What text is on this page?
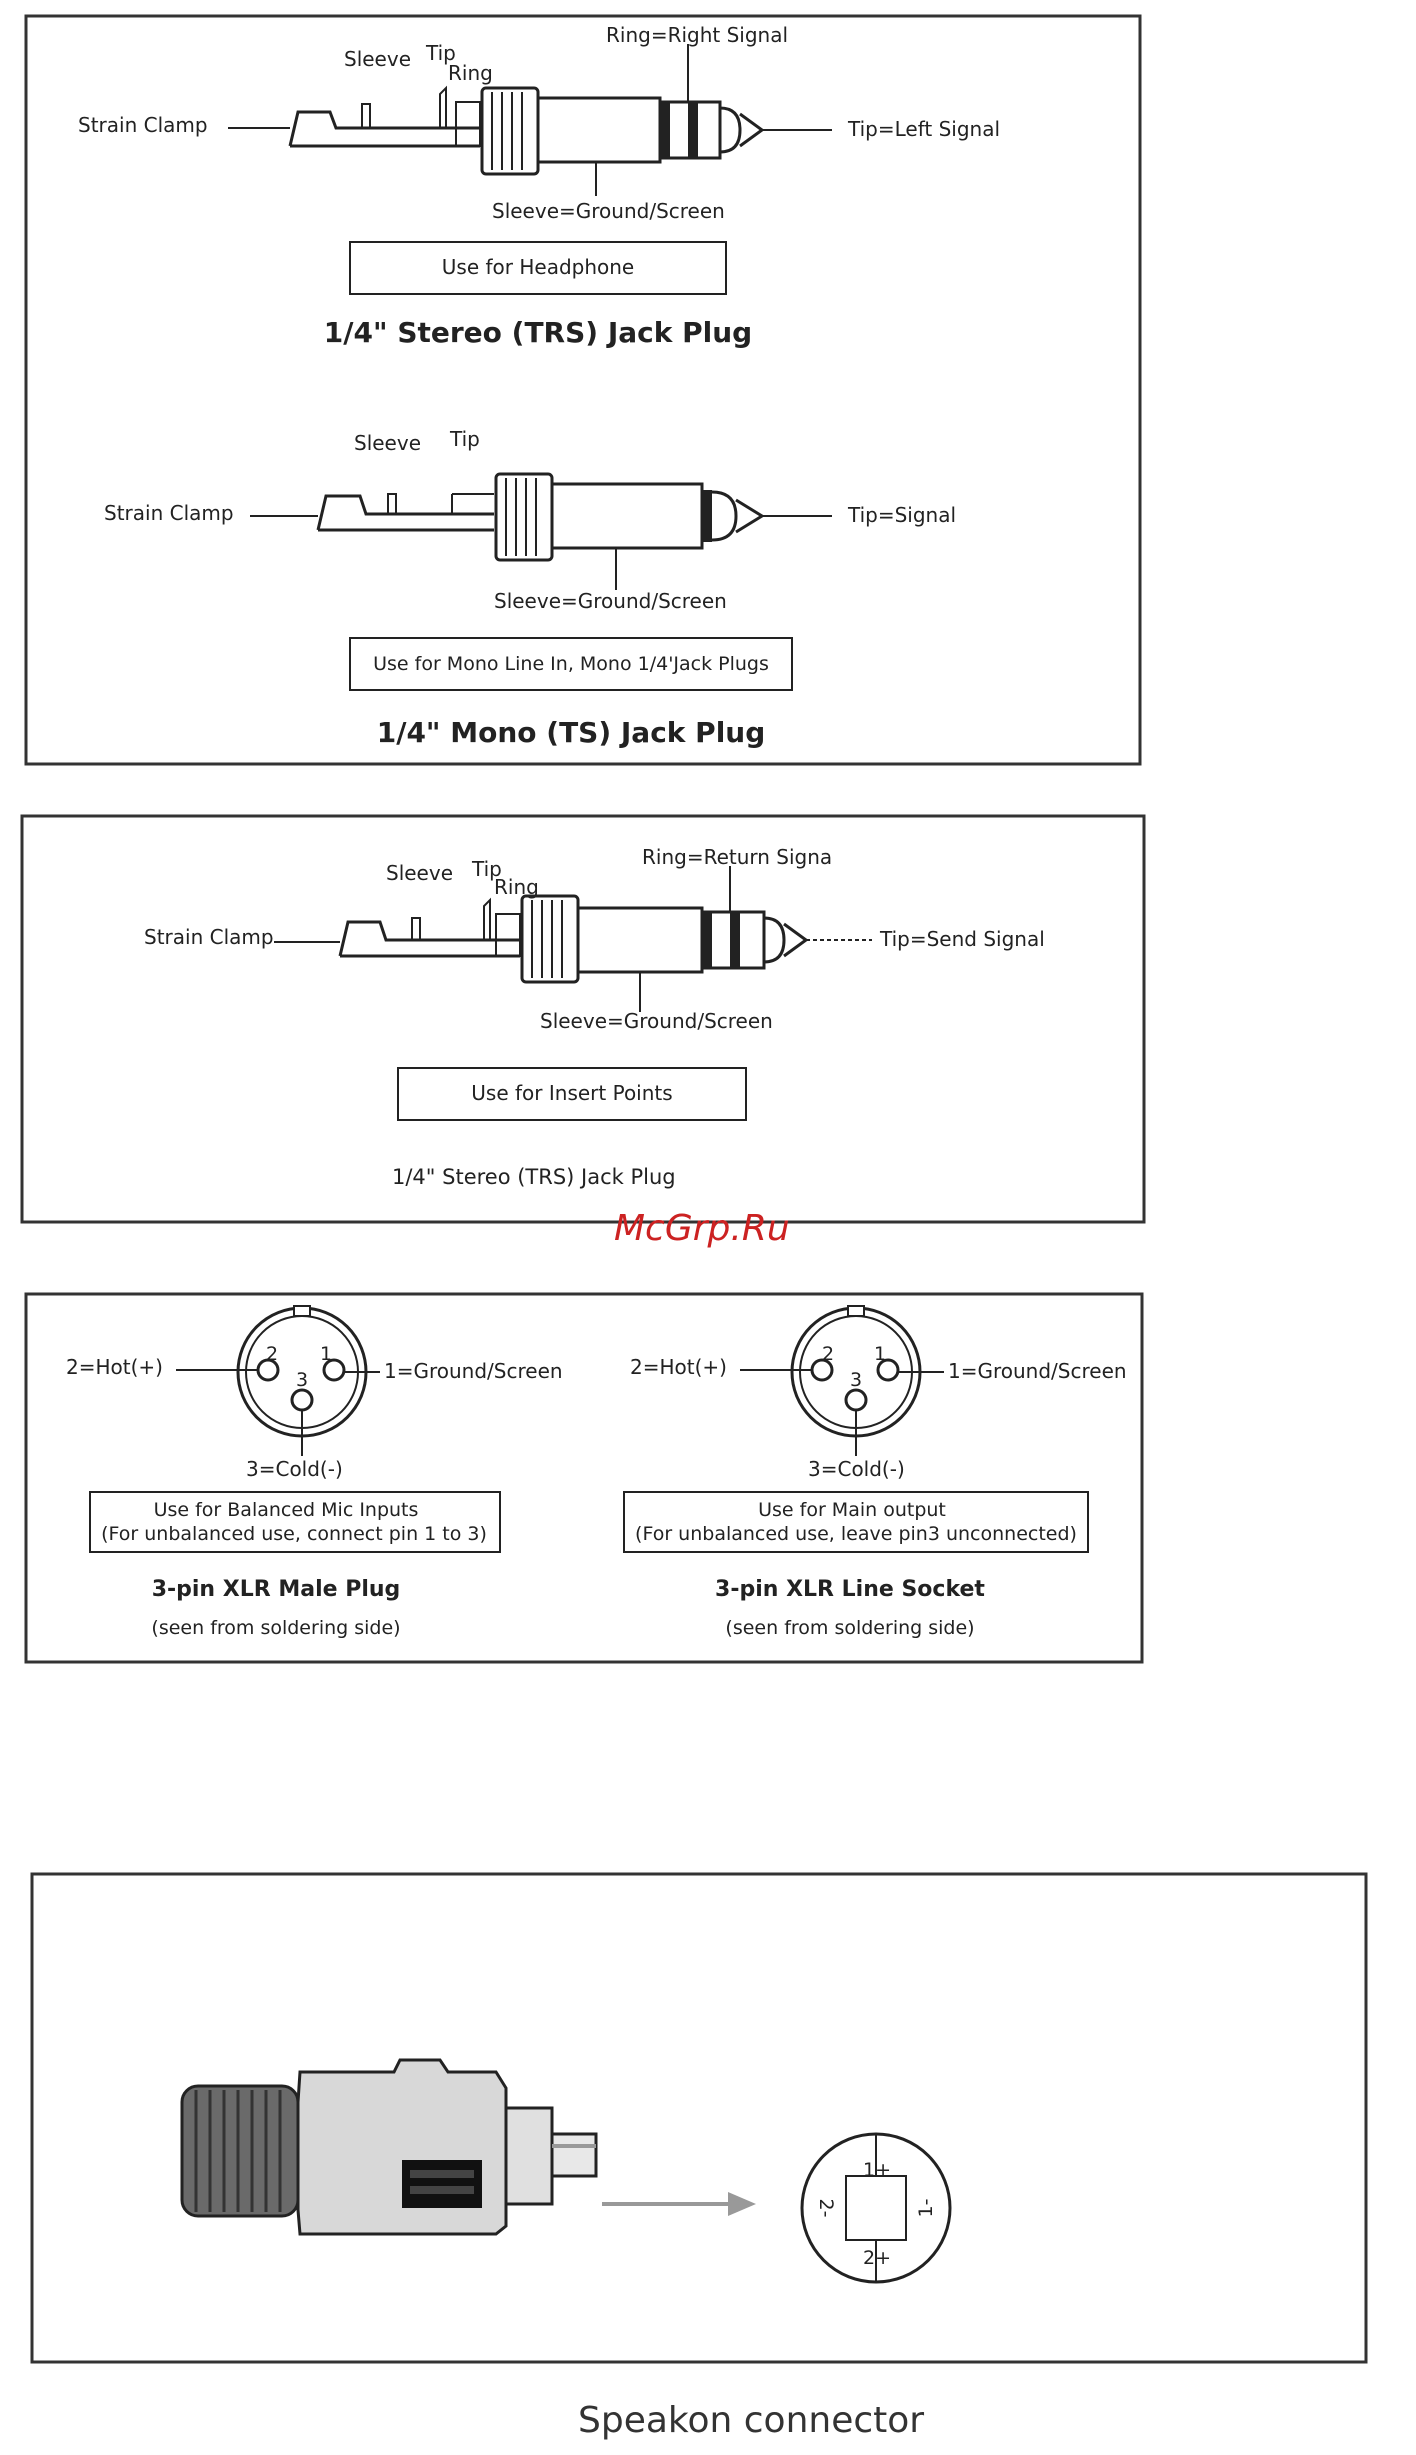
Sleeve Tip
Ring
Ring=Right Signal
Strain Clamp	Tip=Left Signal
Sleeve=Ground/Screen
Use for Headphone
1/4" Stereo (TRS) Jack Plug
Sleeve Tip
Strain Clamp	Tip=Signal
Sleeve=Ground/Screen
Use for Mono Line In, Mono 1/4'Jack Plugs
1/4" Mono (TS) Jack Plug
Sleeve Tip
Ring
Ring=Return Signa
Strain Clamp	Tip=Send Signal
Sleeve=Ground/Screen
Use for Insert Points
1/4" Stereo (TRS) Jack Plug
McGrp.Ru
2 1
3
2=Hot(+)	1=Ground/Screen
3=Cold(-)
Use for Balanced Mic Inputs
(For unbalanced use, connect pin 1 to 3)
3-pin XLR Male Plug
(seen from soldering side)
2 1
3
2=Hot(+)	1=Ground/Screen
3=Cold(-)
Use for Main output
(For unbalanced use, leave pin3 unconnected)
3-pin XLR Line Socket
(seen from soldering side)
1+
2-
2+
1-
Speakon connector
